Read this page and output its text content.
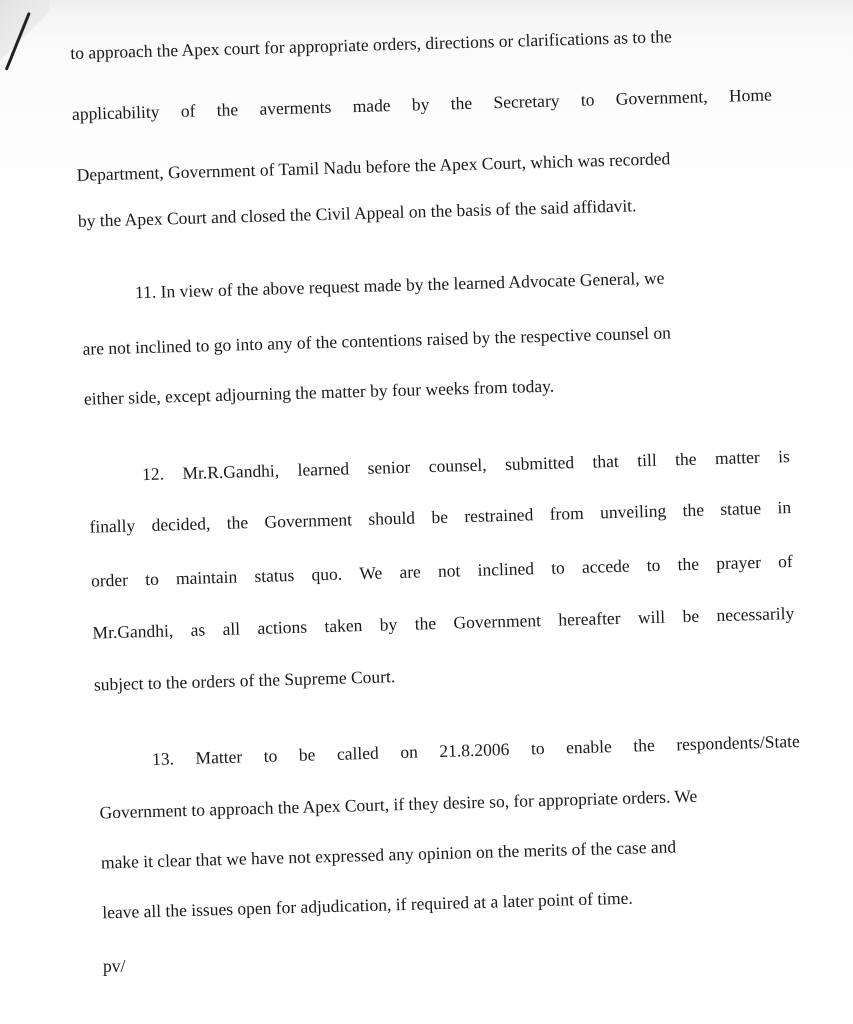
to approach the Apex court for appropriate orders, directions or clarifications as to the
applicability of the averments made by the Secretary to Government, Home
Department, Government of Tamil Nadu before the Apex Court, which was recorded
by the Apex Court and closed the Civil Appeal on the basis of the said affidavit.
11. In view of the above request made by the learned Advocate General, we
are not inclined to go into any of the contentions raised by the respective counsel on
either side, except adjourning the matter by four weeks from today.
12. Mr.R.Gandhi, learned senior counsel, submitted that till the matter is
finally decided, the Government should be restrained from unveiling the statue in
order to maintain status quo. We are not inclined to accede to the prayer of
Mr.Gandhi, as all actions taken by the Government hereafter will be necessarily
subject to the orders of the Supreme Court.
13. Matter to be called on 21.8.2006 to enable the respondents/State
Government to approach the Apex Court, if they desire so, for appropriate orders. We
make it clear that we have not expressed any opinion on the merits of the case and
leave all the issues open for adjudication, if required at a later point of time.
pv/
